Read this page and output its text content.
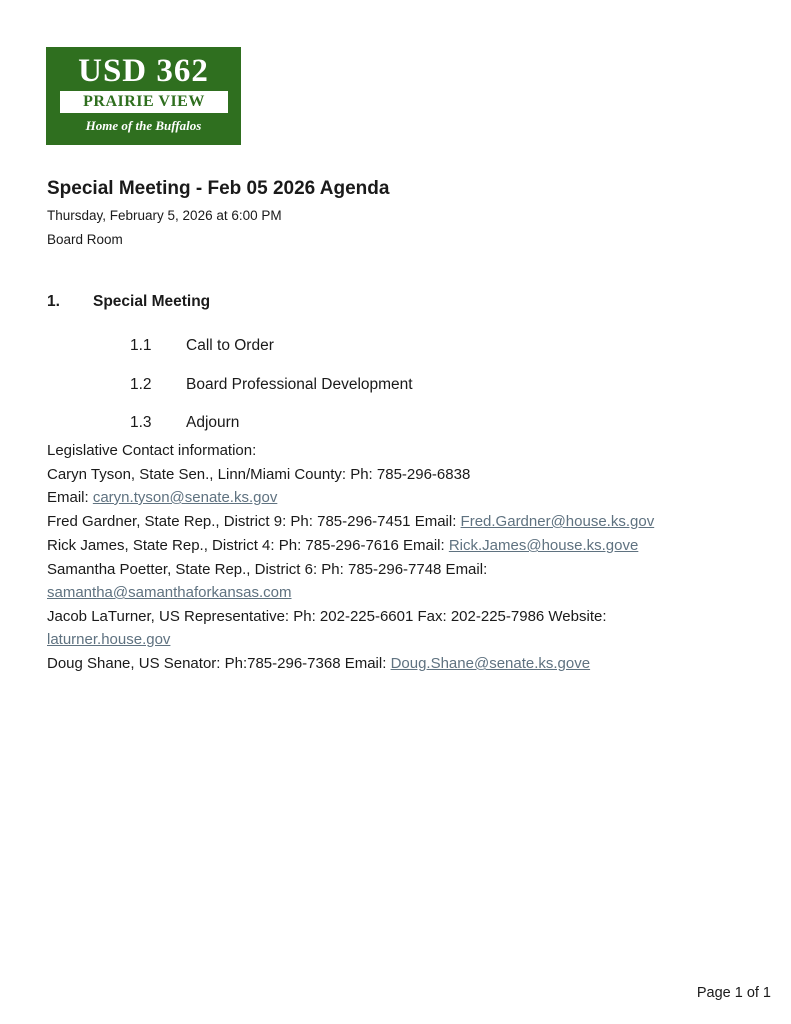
USD 362
PRAIRIE VIEW
Home of the Buffalos
Special Meeting - Feb 05 2026 Agenda
Thursday, February 5, 2026 at 6:00 PM
Board Room
1. Special Meeting
1.1 Call to Order
1.2 Board Professional Development
1.3 Adjourn

Legislative Contact information:

Caryn Tyson, State Sen., Linn/Miami County: Ph: 785-296-6838
Email: caryn.tyson@senate.ks.gov

Fred Gardner, State Rep., District 9: Ph: 785-296-7451 Email: Fred.Gardner@house.ks.gov

Rick James, State Rep., District 4: Ph: 785-296-7616 Email: Rick.James@house.ks.gove

Samantha Poetter, State Rep., District 6: Ph: 785-296-7748 Email:
samantha@samanthaforkansas.com

Jacob LaTurner, US Representative: Ph: 202-225-6601 Fax: 202-225-7986 Website:
laturner.house.gov

Doug Shane, US Senator: Ph:785-296-7368 Email: Doug.Shane@senate.ks.gove

Page 1 of 1
